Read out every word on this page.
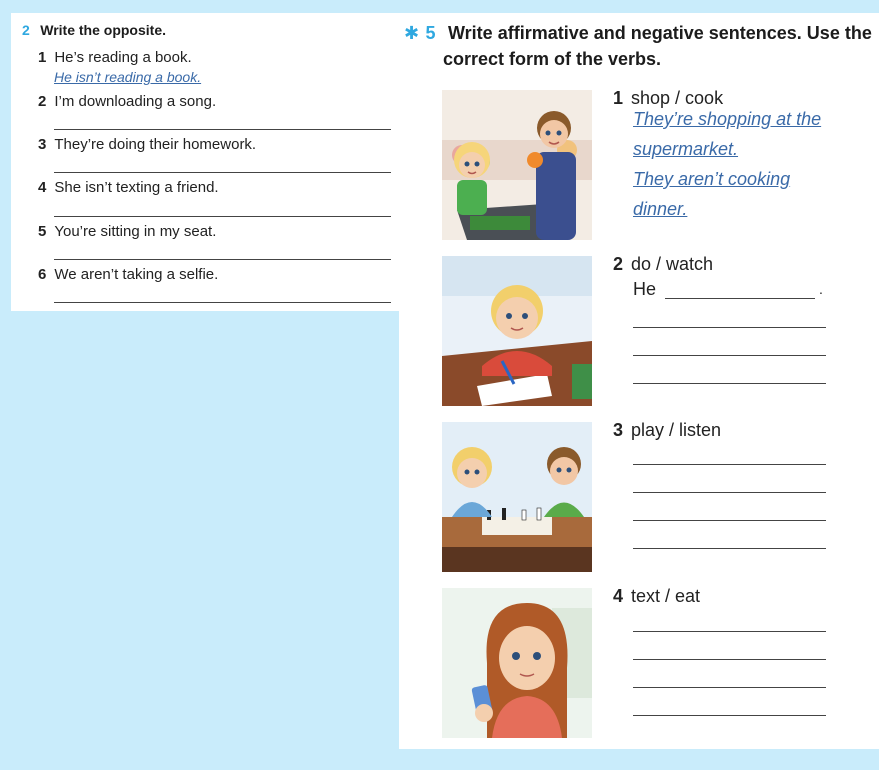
2 Write the opposite.
1 He’s reading a book.
He isn’t reading a book.
2 I’m downloading a song.
3 They’re doing their homework.
4 She isn’t texting a friend.
5 You’re sitting in my seat.
6 We aren’t taking a selfie.
✱ 5 Write affirmative and negative sentences. Use the
correct form of the verbs.
1 shop / cook
They’re shopping at the
supermarket.
They aren’t cooking
dinner.
2 do / watch
He	.
3 play / listen
4 text / eat
